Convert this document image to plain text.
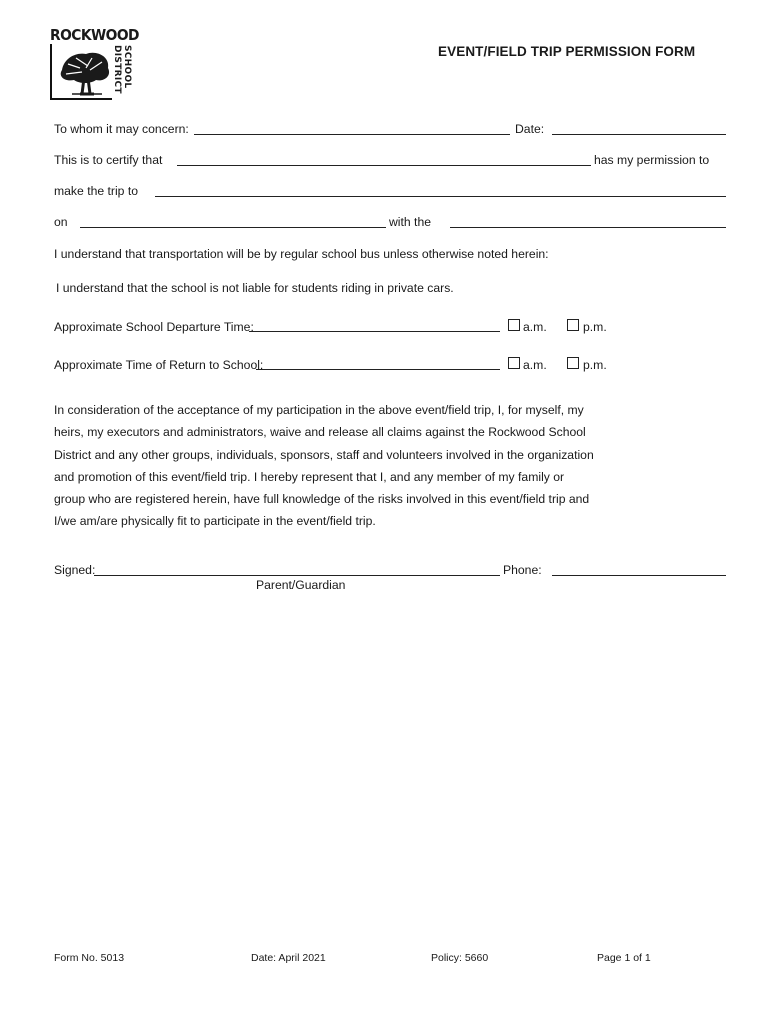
ROCKWOOD
SCHOOL
DISTRICT	EVENT/FIELD TRIP PERMISSION FORM
To whom it may concern:	Date:
This is to certify that	has my permission to
make the trip to
on	with the
I understand that transportation will be by regular school bus unless otherwise noted herein:
I understand that the school is not liable for students riding in private cars.
Approximate School Departure Time:	a.m.	p.m.
Approximate Time of Return to School:	a.m.	p.m.
In consideration of the acceptance of my participation in the above event/field trip, I, for myself, my
heirs, my executors and administrators, waive and release all claims against the Rockwood School
District and any other groups, individuals, sponsors, staff and volunteers involved in the organization
and promotion of this event/field trip. I hereby represent that I, and any member of my family or
group who are registered herein, have full knowledge of the risks involved in this event/field trip and
I/we am/are physically fit to participate in the event/field trip.
Signed:	Phone:
Parent/Guardian
Form No. 5013	Date: April 2021	Policy: 5660	Page 1 of 1
